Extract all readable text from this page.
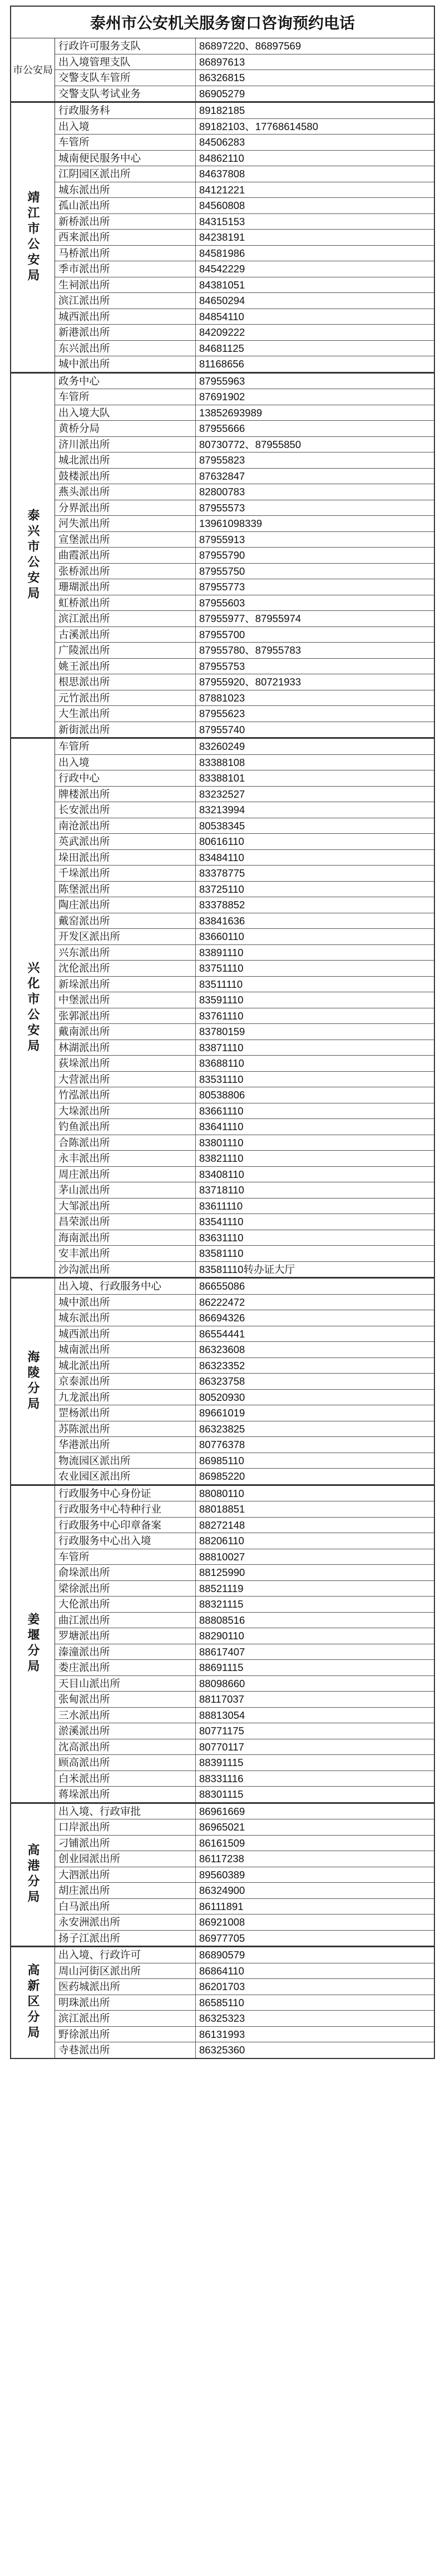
泰州市公安机关服务窗口咨询预约电话
市公安局
行政许可服务支队	86897220、86897569
出入境管理支队	86897613
交警支队车管所	86326815
交警支队考试业务	86905279
靖江市公安局
行政服务科	89182185
出入境	89182103、17768614580
车管所	84506283
城南便民服务中心	84862110
江阴园区派出所	84637808
城东派出所	84121221
孤山派出所	84560808
新桥派出所	84315153
西来派出所	84238191
马桥派出所	84581986
季市派出所	84542229
生祠派出所	84381051
滨江派出所	84650294
城西派出所	84854110
新港派出所	84209222
东兴派出所	84681125
城中派出所	81168656
泰兴市公安局
政务中心	87955963
车管所	87691902
出入境大队	13852693989
黄桥分局	87955666
济川派出所	80730772、87955850
城北派出所	87955823
鼓楼派出所	87632847
燕头派出所	82800783
分界派出所	87955573
河失派出所	13961098339
宣堡派出所	87955913
曲霞派出所	87955790
张桥派出所	87955750
珊瑚派出所	87955773
虹桥派出所	87955603
滨江派出所	87955977、87955974
古溪派出所	87955700
广陵派出所	87955780、87955783
姚王派出所	87955753
根思派出所	87955920、80721933
元竹派出所	87881023
大生派出所	87955623
新街派出所	87955740
兴化市公安局
车管所	83260249
出入境	83388108
行政中心	83388101
牌楼派出所	83232527
长安派出所	83213994
南沧派出所	80538345
英武派出所	80616110
垛田派出所	83484110
千垛派出所	83378775
陈堡派出所	83725110
陶庄派出所	83378852
戴窑派出所	83841636
开发区派出所	83660110
兴东派出所	83891110
沈伦派出所	83751110
新垛派出所	83511110
中堡派出所	83591110
张郭派出所	83761110
戴南派出所	83780159
林湖派出所	83871110
荻垛派出所	83688110
大营派出所	83531110
竹泓派出所	80538806
大垛派出所	83661110
钓鱼派出所	83641110
合陈派出所	83801110
永丰派出所	83821110
周庄派出所	83408110
茅山派出所	83718110
大邹派出所	83611110
昌荣派出所	83541110
海南派出所	83631110
安丰派出所	83581110
沙沟派出所	83581110转办证大厅
海陵分局
出入境、行政服务中心	86655086
城中派出所	86222472
城东派出所	86694326
城西派出所	86554441
城南派出所	86323608
城北派出所	86323352
京泰派出所	86323758
九龙派出所	80520930
罡杨派出所	89661019
苏陈派出所	86323825
华港派出所	80776378
物流园区派出所	86985110
农业园区派出所	86985220
姜堰分局
行政服务中心身份证	88080110
行政服务中心特种行业	88018851
行政服务中心印章备案	88272148
行政服务中心出入境	88206110
车管所	88810027
俞垛派出所	88125990
梁徐派出所	88521119
大伦派出所	88321115
曲江派出所	88808516
罗塘派出所	88290110
溱潼派出所	88617407
娄庄派出所	88691115
天目山派出所	88098660
张甸派出所	88117037
三水派出所	88813054
淤溪派出所	80771175
沈高派出所	80770117
顾高派出所	88391115
白米派出所	88331116
蒋垛派出所	88301115
高港分局
出入境、行政审批	86961669
口岸派出所	86965021
刁铺派出所	86161509
创业园派出所	86117238
大泗派出所	89560389
胡庄派出所	86324900
白马派出所	86111891
永安洲派出所	86921008
扬子江派出所	86977705
高新区分局
出入境、行政许可	86890579
周山河街区派出所	86864110
医药城派出所	86201703
明珠派出所	86585110
滨江派出所	86325323
野徐派出所	86131993
寺巷派出所	86325360
